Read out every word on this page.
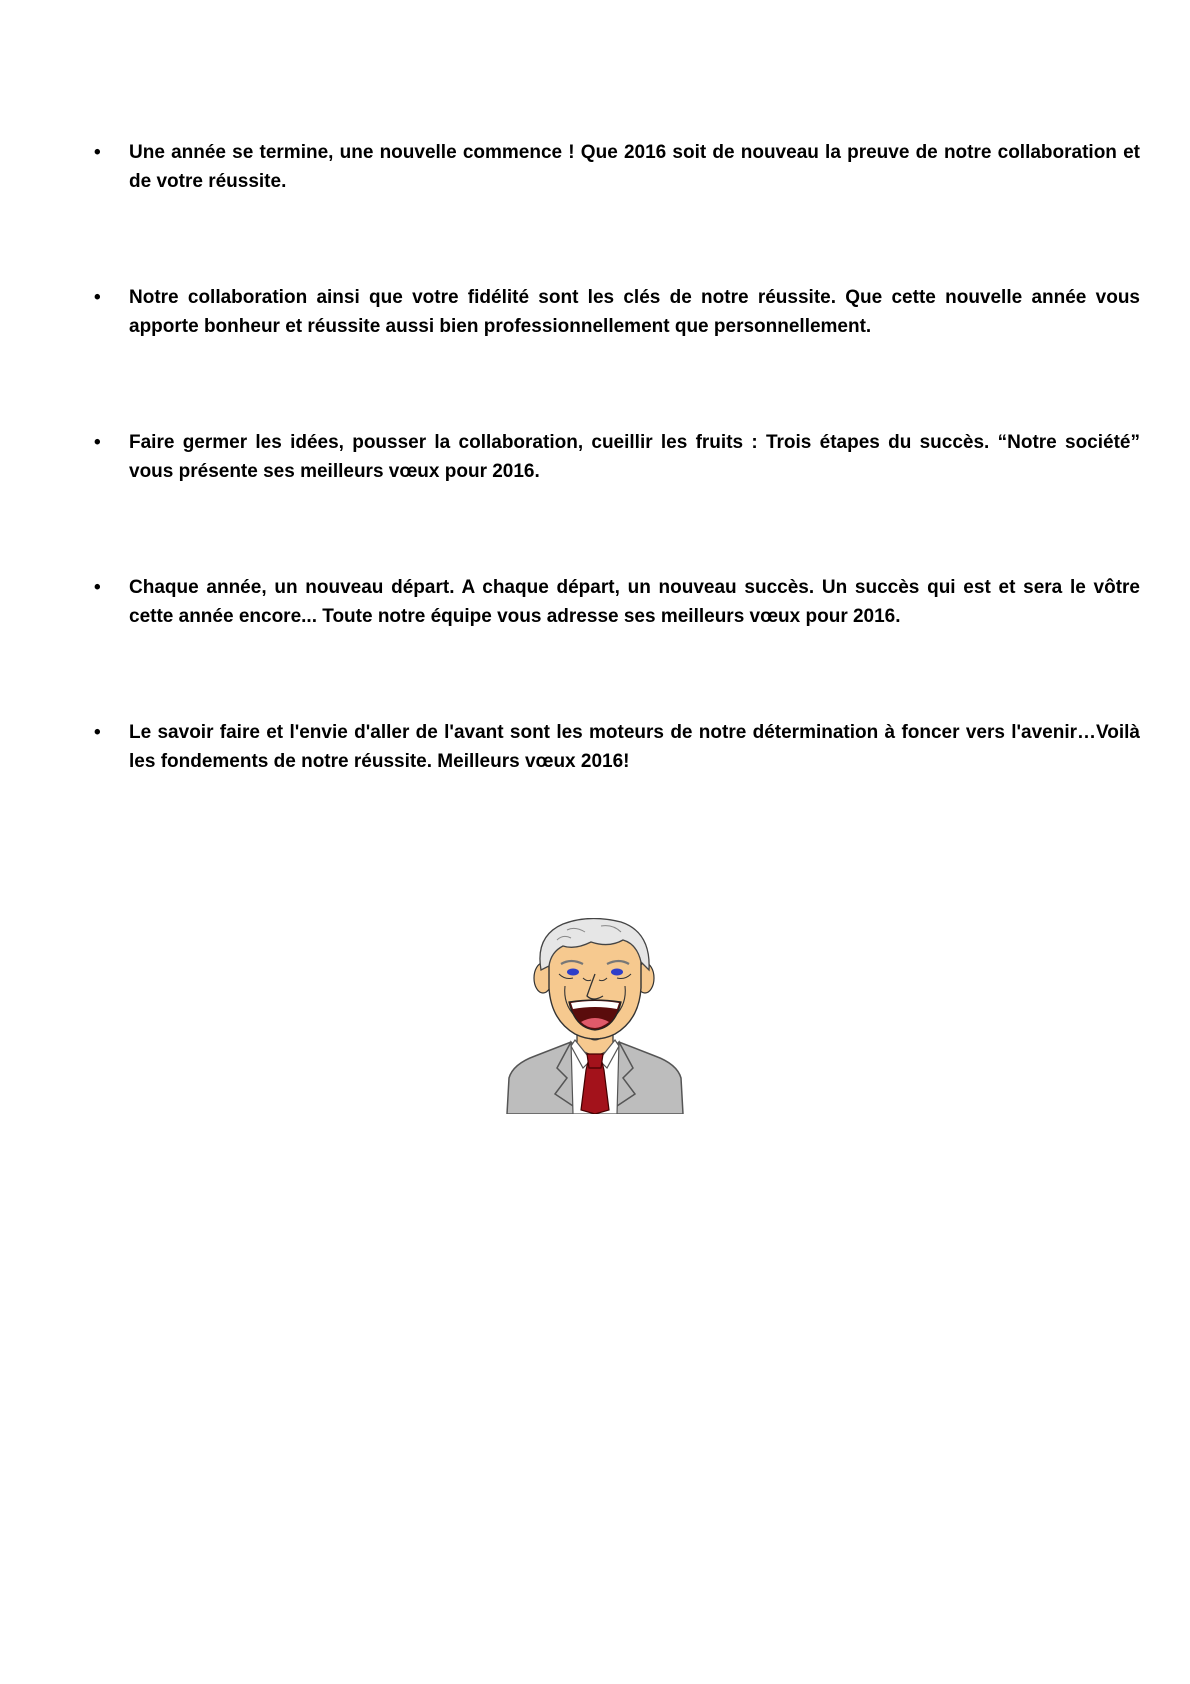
• Une année se termine, une nouvelle commence ! Que 2016 soit de nouveau la preuve de notre collaboration et de votre réussite.
• Notre collaboration ainsi que votre fidélité sont les clés de notre réussite. Que cette nouvelle année vous apporte bonheur et réussite aussi bien professionnellement que personnellement.
• Faire germer les idées, pousser la collaboration, cueillir les fruits : Trois étapes du succès. “Notre société” vous présente ses meilleurs vœux pour 2016.
• Chaque année, un nouveau départ. A chaque départ, un nouveau succès. Un succès qui est et sera le vôtre cette année encore... Toute notre équipe vous adresse ses meilleurs vœux pour 2016.
• Le savoir faire et l'envie d'aller de l'avant sont les moteurs de notre détermination à foncer vers l'avenir…Voilà les fondements de notre réussite. Meilleurs vœux 2016!
